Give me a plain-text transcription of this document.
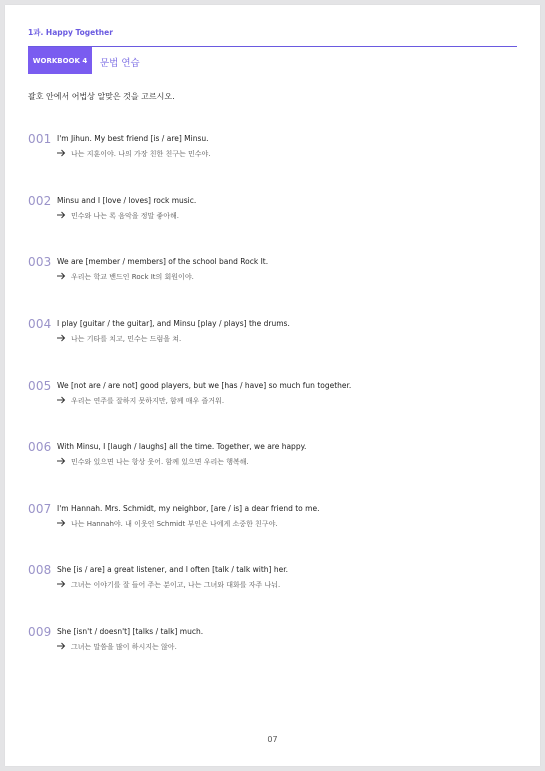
1과. Happy Together
WORKBOOK 4	문법 연습
괄호 안에서 어법상 알맞은 것을 고르시오.
001 I'm Jihun. My best friend [is / are] Minsu.
나는 지훈이야. 나의 가장 친한 친구는 민수야.
002 Minsu and I [love / loves] rock music.
민수와 나는 록 음악을 정말 좋아해.
003 We are [member / members] of the school band Rock It.
우리는 학교 밴드인 Rock It의 회원이야.
004 I play [guitar / the guitar], and Minsu [play / plays] the drums.
나는 기타를 치고, 민수는 드럼을 쳐.
005 We [not are / are not] good players, but we [has / have] so much fun together.
우리는 연주를 잘하지 못하지만, 함께 매우 즐거워.
006 With Minsu, I [laugh / laughs] all the time. Together, we are happy.
민수와 있으면 나는 항상 웃어. 함께 있으면 우리는 행복해.
007 I'm Hannah. Mrs. Schmidt, my neighbor, [are / is] a dear friend to me.
나는 Hannah야. 내 이웃인 Schmidt 부인은 나에게 소중한 친구야.
008 She [is / are] a great listener, and I often [talk / talk with] her.
그녀는 이야기를 잘 들어 주는 분이고, 나는 그녀와 대화를 자주 나눠.
009 She [isn't / doesn't] [talks / talk] much.
그녀는 말씀을 많이 하시지는 않아.
07
